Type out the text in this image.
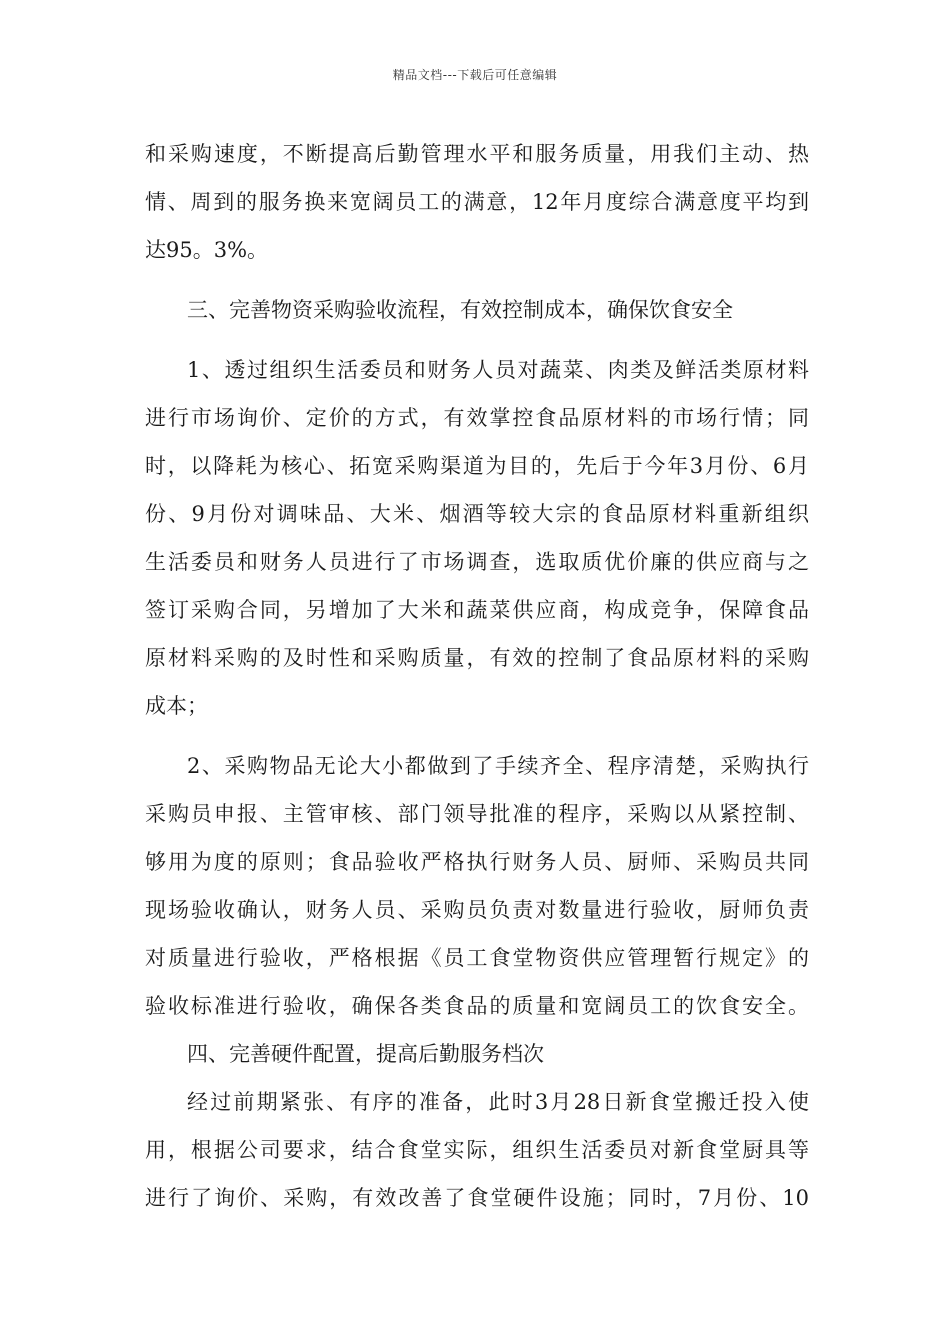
精品文档---下载后可任意编辑
和采购速度，不断提高后勤管理水平和服务质量，用我们主动、热
情、周到的服务换来宽阔员工的满意，12年月度综合满意度平均到
达95。3%。
三、完善物资采购验收流程，有效控制成本，确保饮食安全
1、透过组织生活委员和财务人员对蔬菜、肉类及鲜活类原材料
进行市场询价、定价的方式，有效掌控食品原材料的市场行情；同
时，以降耗为核心、拓宽采购渠道为目的，先后于今年3月份、6月
份、9月份对调味品、大米、烟酒等较大宗的食品原材料重新组织
生活委员和财务人员进行了市场调查，选取质优价廉的供应商与之
签订采购合同，另增加了大米和蔬菜供应商，构成竞争，保障食品
原材料采购的及时性和采购质量，有效的控制了食品原材料的采购
成本；
2、采购物品无论大小都做到了手续齐全、程序清楚，采购执行
采购员申报、主管审核、部门领导批准的程序，采购以从紧控制、
够用为度的原则；食品验收严格执行财务人员、厨师、采购员共同
现场验收确认，财务人员、采购员负责对数量进行验收，厨师负责
对质量进行验收，严格根据《员工食堂物资供应管理暂行规定》的
验收标准进行验收，确保各类食品的质量和宽阔员工的饮食安全。
四、完善硬件配置，提高后勤服务档次
经过前期紧张、有序的准备，此时3月28日新食堂搬迁投入使
用，根据公司要求，结合食堂实际，组织生活委员对新食堂厨具等
进行了询价、采购，有效改善了食堂硬件设施；同时，7月份、10
